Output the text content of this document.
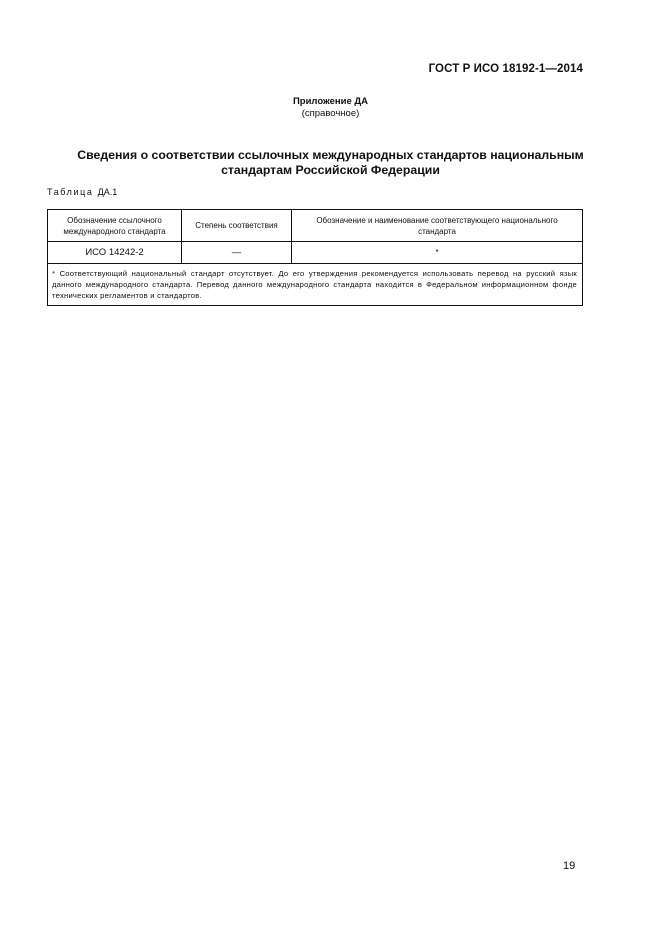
ГОСТ Р ИСО 18192-1—2014
Приложение ДА
(справочное)
Сведения о соответствии ссылочных международных стандартов национальным
стандартам Российской Федерации
Таблица ДА.1
Обозначение ссылочного международного стандарта	Степень соответствия	Обозначение и наименование соответствующего национального стандарта
ИСО 14242-2	—	*
* Соответствующий национальный стандарт отсутствует. До его утверждения рекомендуется использовать перевод на русский язык данного международного стандарта. Перевод данного международного стандарта находится в Федеральном информационном фонде технических регламентов и стандартов.		
19
